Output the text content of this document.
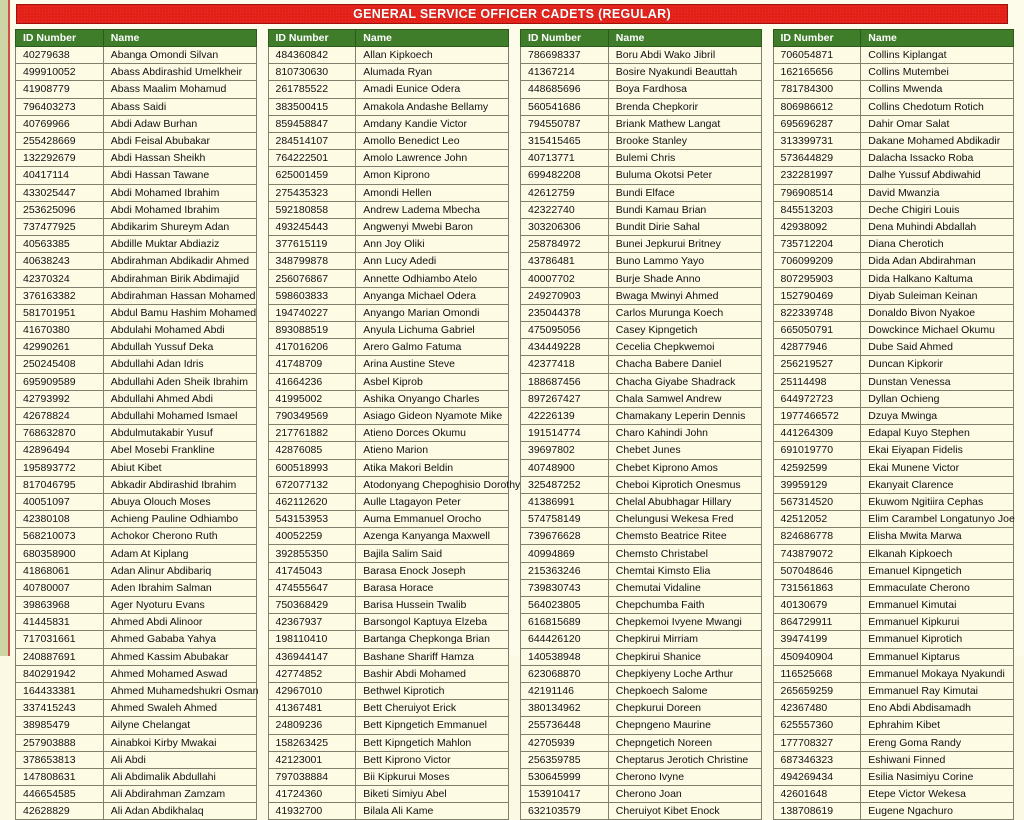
GENERAL SERVICE OFFICER CADETS (REGULAR)
ID Number	Name
40279638	Abanga Omondi Silvan
499910052	Abass Abdirashid Umelkheir
41908779	Abass Maalim Mohamud
796403273	Abass Saidi
40769966	Abdi Adaw Burhan
255428669	Abdi Feisal Abubakar
132292679	Abdi Hassan Sheikh
40417114	Abdi Hassan Tawane
433025447	Abdi Mohamed Ibrahim
253625096	Abdi Mohamed Ibrahim
737477925	Abdikarim Shureym Adan
40563385	Abdille Muktar Abdiaziz
40638243	Abdirahman Abdikadir Ahmed
42370324	Abdirahman Birik Abdimajid
376163382	Abdirahman Hassan Mohamed
581701951	Abdul Bamu Hashim Mohamed
41670380	Abdulahi Mohamed Abdi
42990261	Abdullah Yussuf Deka
250245408	Abdullahi Adan Idris
695909589	Abdullahi Aden Sheik Ibrahim
42793992	Abdullahi Ahmed Abdi
42678824	Abdullahi Mohamed Ismael
768632870	Abdulmutakabir Yusuf
42896494	Abel Mosebi Frankline
195893772	Abiut Kibet
817046795	Abkadir Abdirashid Ibrahim
40051097	Abuya Olouch Moses
42380108	Achieng Pauline Odhiambo
568210073	Achokor Cherono Ruth
680358900	Adam At Kiplang
41868061	Adan Alinur Abdibariq
40780007	Aden Ibrahim Salman
39863968	Ager Nyoturu Evans
41445831	Ahmed Abdi Alinoor
717031661	Ahmed Gababa Yahya
240887691	Ahmed Kassim Abubakar
840291942	Ahmed Mohamed Aswad
164433381	Ahmed Muhamedshukri Osman
337415243	Ahmed Swaleh Ahmed
38985479	Ailyne Chelangat
257903888	Ainabkoi Kirby Mwakai
378653813	Ali Abdi
147808631	Ali Abdimalik Abdullahi
446654585	Ali Abdirahman Zamzam
42628829	Ali Adan Abdikhalaq
ID Number	Name
484360842	Allan Kipkoech
810730630	Alumada Ryan
261785522	Amadi Eunice Odera
383500415	Amakola Andashe Bellamy
859458847	Amdany Kandie Victor
284514107	Amollo Benedict Leo
764222501	Amolo Lawrence John
625001459	Amon Kiprono
275435323	Amondi Hellen
592180858	Andrew Ladema Mbecha
493245443	Angwenyi Mwebi Baron
377615119	Ann Joy Oliki
348799878	Ann Lucy Adedi
256076867	Annette Odhiambo Atelo
598603833	Anyanga Michael Odera
194740227	Anyango Marian Omondi
893088519	Anyula Lichuma Gabriel
417016206	Arero Galmo Fatuma
41748709	Arina Austine Steve
41664236	Asbel Kiprob
41995002	Ashika Onyango Charles
790349569	Asiago Gideon Nyamote Mike
217761882	Atieno Dorces Okumu
42876085	Atieno Marion
600518993	Atika Makori Beldin
672077132	Atodonyang Chepoghisio Dorothy
462112620	Aulle Ltagayon Peter
543153953	Auma Emmanuel Orocho
40052259	Azenga Kanyanga Maxwell
392855350	Bajila Salim Said
41745043	Barasa Enock Joseph
474555647	Barasa Horace
750368429	Barisa Hussein Twalib
42367937	Barsongol Kaptuya Elzeba
198110410	Bartanga Chepkonga Brian
436944147	Bashane Shariff Hamza
42774852	Bashir Abdi Mohamed
42967010	Bethwel Kiprotich
41367481	Bett Cheruiyot Erick
24809236	Bett Kipngetich Emmanuel
158263425	Bett Kipngetich Mahlon
42123001	Bett Kiprono Victor
797038884	Bii Kipkurui Moses
41724360	Biketi Simiyu Abel
41932700	Bilala Ali Kame
ID Number	Name
786698337	Boru Abdi Wako Jibril
41367214	Bosire Nyakundi Beauttah
448685696	Boya Fardhosa
560541686	Brenda Chepkorir
794550787	Briank Mathew Langat
315415465	Brooke Stanley
40713771	Bulemi Chris
699482208	Buluma Okotsi Peter
42612759	Bundi Elface
42322740	Bundi Kamau Brian
303206306	Bundit Dirie Sahal
258784972	Bunei Jepkurui Britney
43786481	Buno Lammo Yayo
40007702	Burje Shade Anno
249270903	Bwaga Mwinyi Ahmed
235044378	Carlos Murunga Koech
475095056	Casey Kipngetich
434449228	Cecelia Chepkwemoi
42377418	Chacha Babere Daniel
188687456	Chacha Giyabe Shadrack
897267427	Chala Samwel Andrew
42226139	Chamakany Leperin Dennis
191514774	Charo Kahindi John
39697802	Chebet Junes
40748900	Chebet Kiprono Amos
325487252	Cheboi Kiprotich Onesmus
41386991	Chelal Abubhagar Hillary
574758149	Chelungusi Wekesa Fred
739676628	Chemsto Beatrice Ritee
40994869	Chemsto Christabel
215363246	Chemtai Kimsto Elia
739830743	Chemutai Vidaline
564023805	Chepchumba Faith
616815689	Chepkemoi Ivyene Mwangi
644426120	Chepkirui Mirriam
140538948	Chepkirui Shanice
623068870	Chepkiyeny Loche Arthur
42191146	Chepkoech Salome
380134962	Chepkurui Doreen
255736448	Chepngeno Maurine
42705939	Chepngetich Noreen
256359785	Cheptarus Jerotich Christine
530645999	Cherono Ivyne
153910417	Cherono Joan
632103579	Cheruiyot Kibet Enock
ID Number	Name
706054871	Collins Kiplangat
162165656	Collins Mutembei
781784300	Collins Mwenda
806986612	Collins Chedotum Rotich
695696287	Dahir Omar Salat
313399731	Dakane Mohamed Abdikadir
573644829	Dalacha Issacko Roba
232281997	Dalhe Yussuf Abdiwahid
796908514	David Mwanzia
845513203	Deche Chigiri Louis
42938092	Dena Muhindi Abdallah
735712204	Diana Cherotich
706099209	Dida Adan Abdirahman
807295903	Dida Halkano Kaltuma
152790469	Diyab Suleiman Keinan
822339748	Donaldo Bivon Nyakoe
665050791	Dowckince Michael Okumu
42877946	Dube Said Ahmed
256219527	Duncan Kipkorir
25114498	Dunstan Venessa
644972723	Dyllan Ochieng
1977466572	Dzuya Mwinga
441264309	Edapal Kuyo Stephen
691019770	Ekai Eiyapan Fidelis
42592599	Ekai Munene Victor
39959129	Ekanyait Clarence
567314520	Ekuwom Ngitiira Cephas
42512052	Elim Carambel Longatunyo Joe
824686778	Elisha Mwita Marwa
743879072	Elkanah Kipkoech
507048646	Emanuel Kipngetich
731561863	Emmaculate Cherono
40130679	Emmanuel Kimutai
864729911	Emmanuel Kipkurui
39474199	Emmanuel Kiprotich
450940904	Emmanuel Kiptarus
116525668	Emmanuel Mokaya Nyakundi
265659259	Emmanuel Ray Kimutai
42367480	Eno Abdi Abdisamadh
625557360	Ephrahim Kibet
177708327	Ereng Goma Randy
687346323	Eshiwani Finned
494269434	Esilia Nasimiyu Corine
42601648	Etepe Victor Wekesa
138708619	Eugene Ngachuro
